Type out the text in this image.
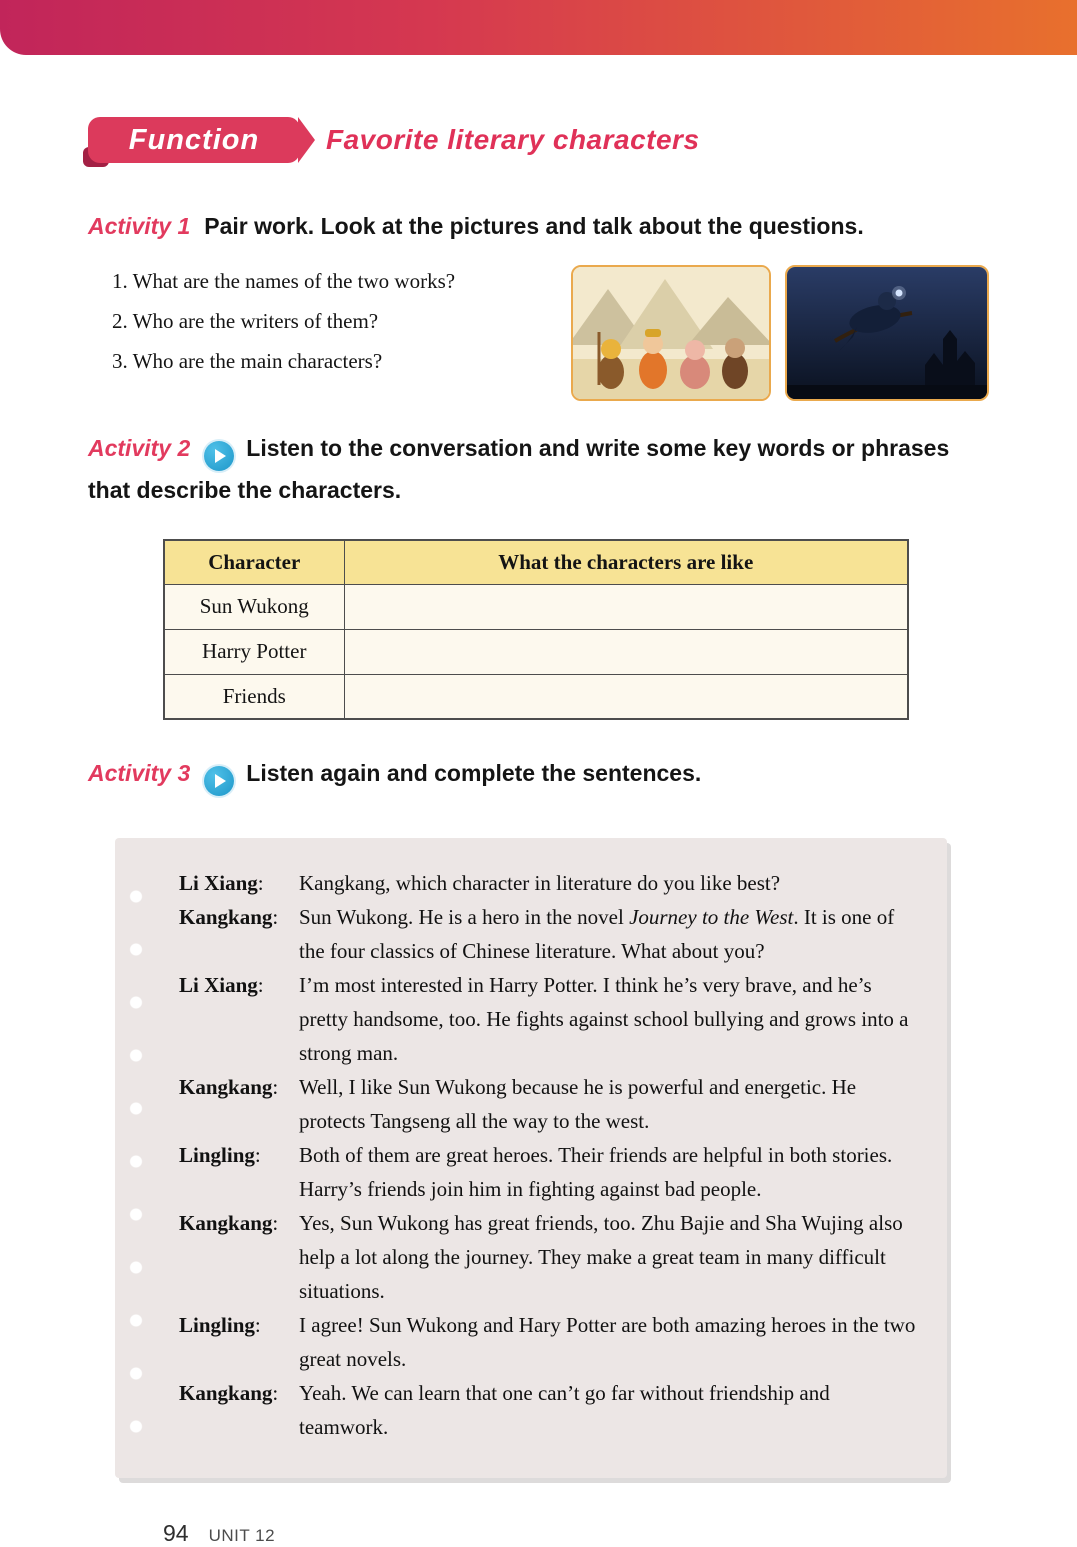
Function Favorite literary characters
Activity 1 Pair work. Look at the pictures and talk about the questions.
1. What are the names of the two works?
2. Who are the writers of them?
3. Who are the main characters?
Activity 2 Listen to the conversation and write some key words or phrases that describe the characters.
Character	What the characters are like
Sun Wukong	
Harry Potter	
Friends	
Activity 3 Listen again and complete the sentences.
Li Xiang:	Kangkang, which character in literature do you like best?
Kangkang: Sun Wukong. He is a hero in the novel Journey to the West. It is one of the four classics of Chinese literature. What about you?
Li Xiang:	I’m most interested in Harry Potter. I think he’s very brave, and he’s pretty handsome, too. He fights against school bullying and grows into a strong man.
Kangkang: Well, I like Sun Wukong because he is powerful and energetic. He protects Tangseng all the way to the west.
Lingling:	Both of them are great heroes. Their friends are helpful in both stories. Harry’s friends join him in fighting against bad people.
Kangkang: Yes, Sun Wukong has great friends, too. Zhu Bajie and Sha Wujing also help a lot along the journey. They make a great team in many difficult situations.
Lingling:	I agree! Sun Wukong and Hary Potter are both amazing heroes in the two great novels.
Kangkang: Yeah. We can learn that one can’t go far without friendship and teamwork.
94 UNIT 12
